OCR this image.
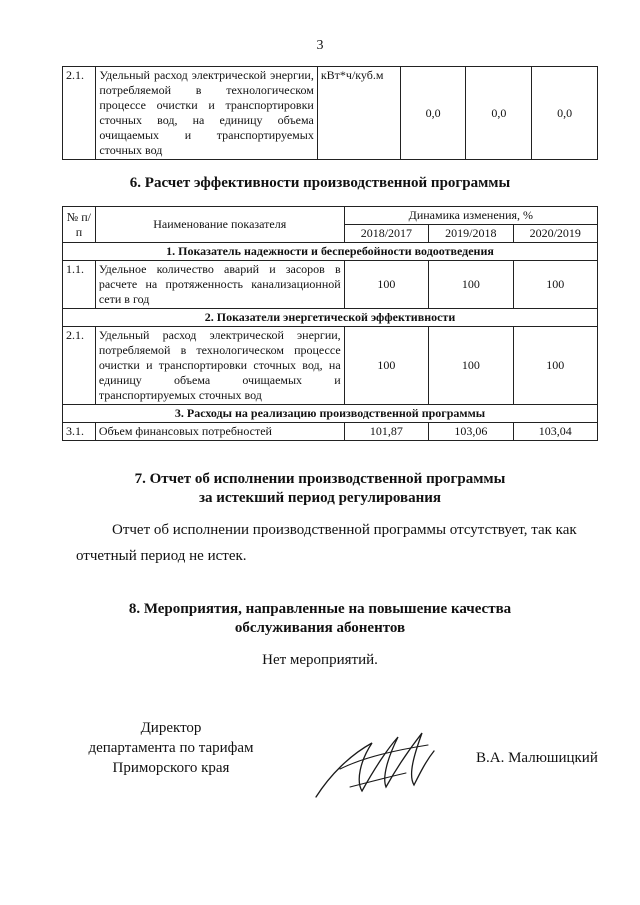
3
2.1.	Удельный расход электрической энергии, потребляемой в технологическом процессе очистки и транспортировки сточных вод, на единицу объема очищаемых и транспортируемых сточных вод	кВт*ч/куб.м	0,0	0,0	0,0
6. Расчет эффективности производственной программы
№ п/п	Наименование показателя	Динамика изменения, %		
		2018/2017	2019/2018	2020/2019
1. Показатель надежности и бесперебойности водоотведения				
1.1.	Удельное количество аварий и засоров в расчете на протяженность канализационной сети в год	100	100	100
2. Показатели энергетической эффективности				
2.1.	Удельный расход электрической энергии, потребляемой в технологическом процессе очистки и транспортировки сточных вод, на единицу объема очищаемых и транспортируемых сточных вод	100	100	100
3. Расходы на реализацию производственной программы				
3.1.	Объем финансовых потребностей	101,87	103,06	103,04
7. Отчет об исполнении производственной программы
за истекший период регулирования
Отчет об исполнении производственной программы отсутствует, так как
отчетный период не истек.
8. Мероприятия, направленные на повышение качества
обслуживания абонентов
Нет мероприятий.
Директор
департамента по тарифам
Приморского края
В.А. Малюшицкий
